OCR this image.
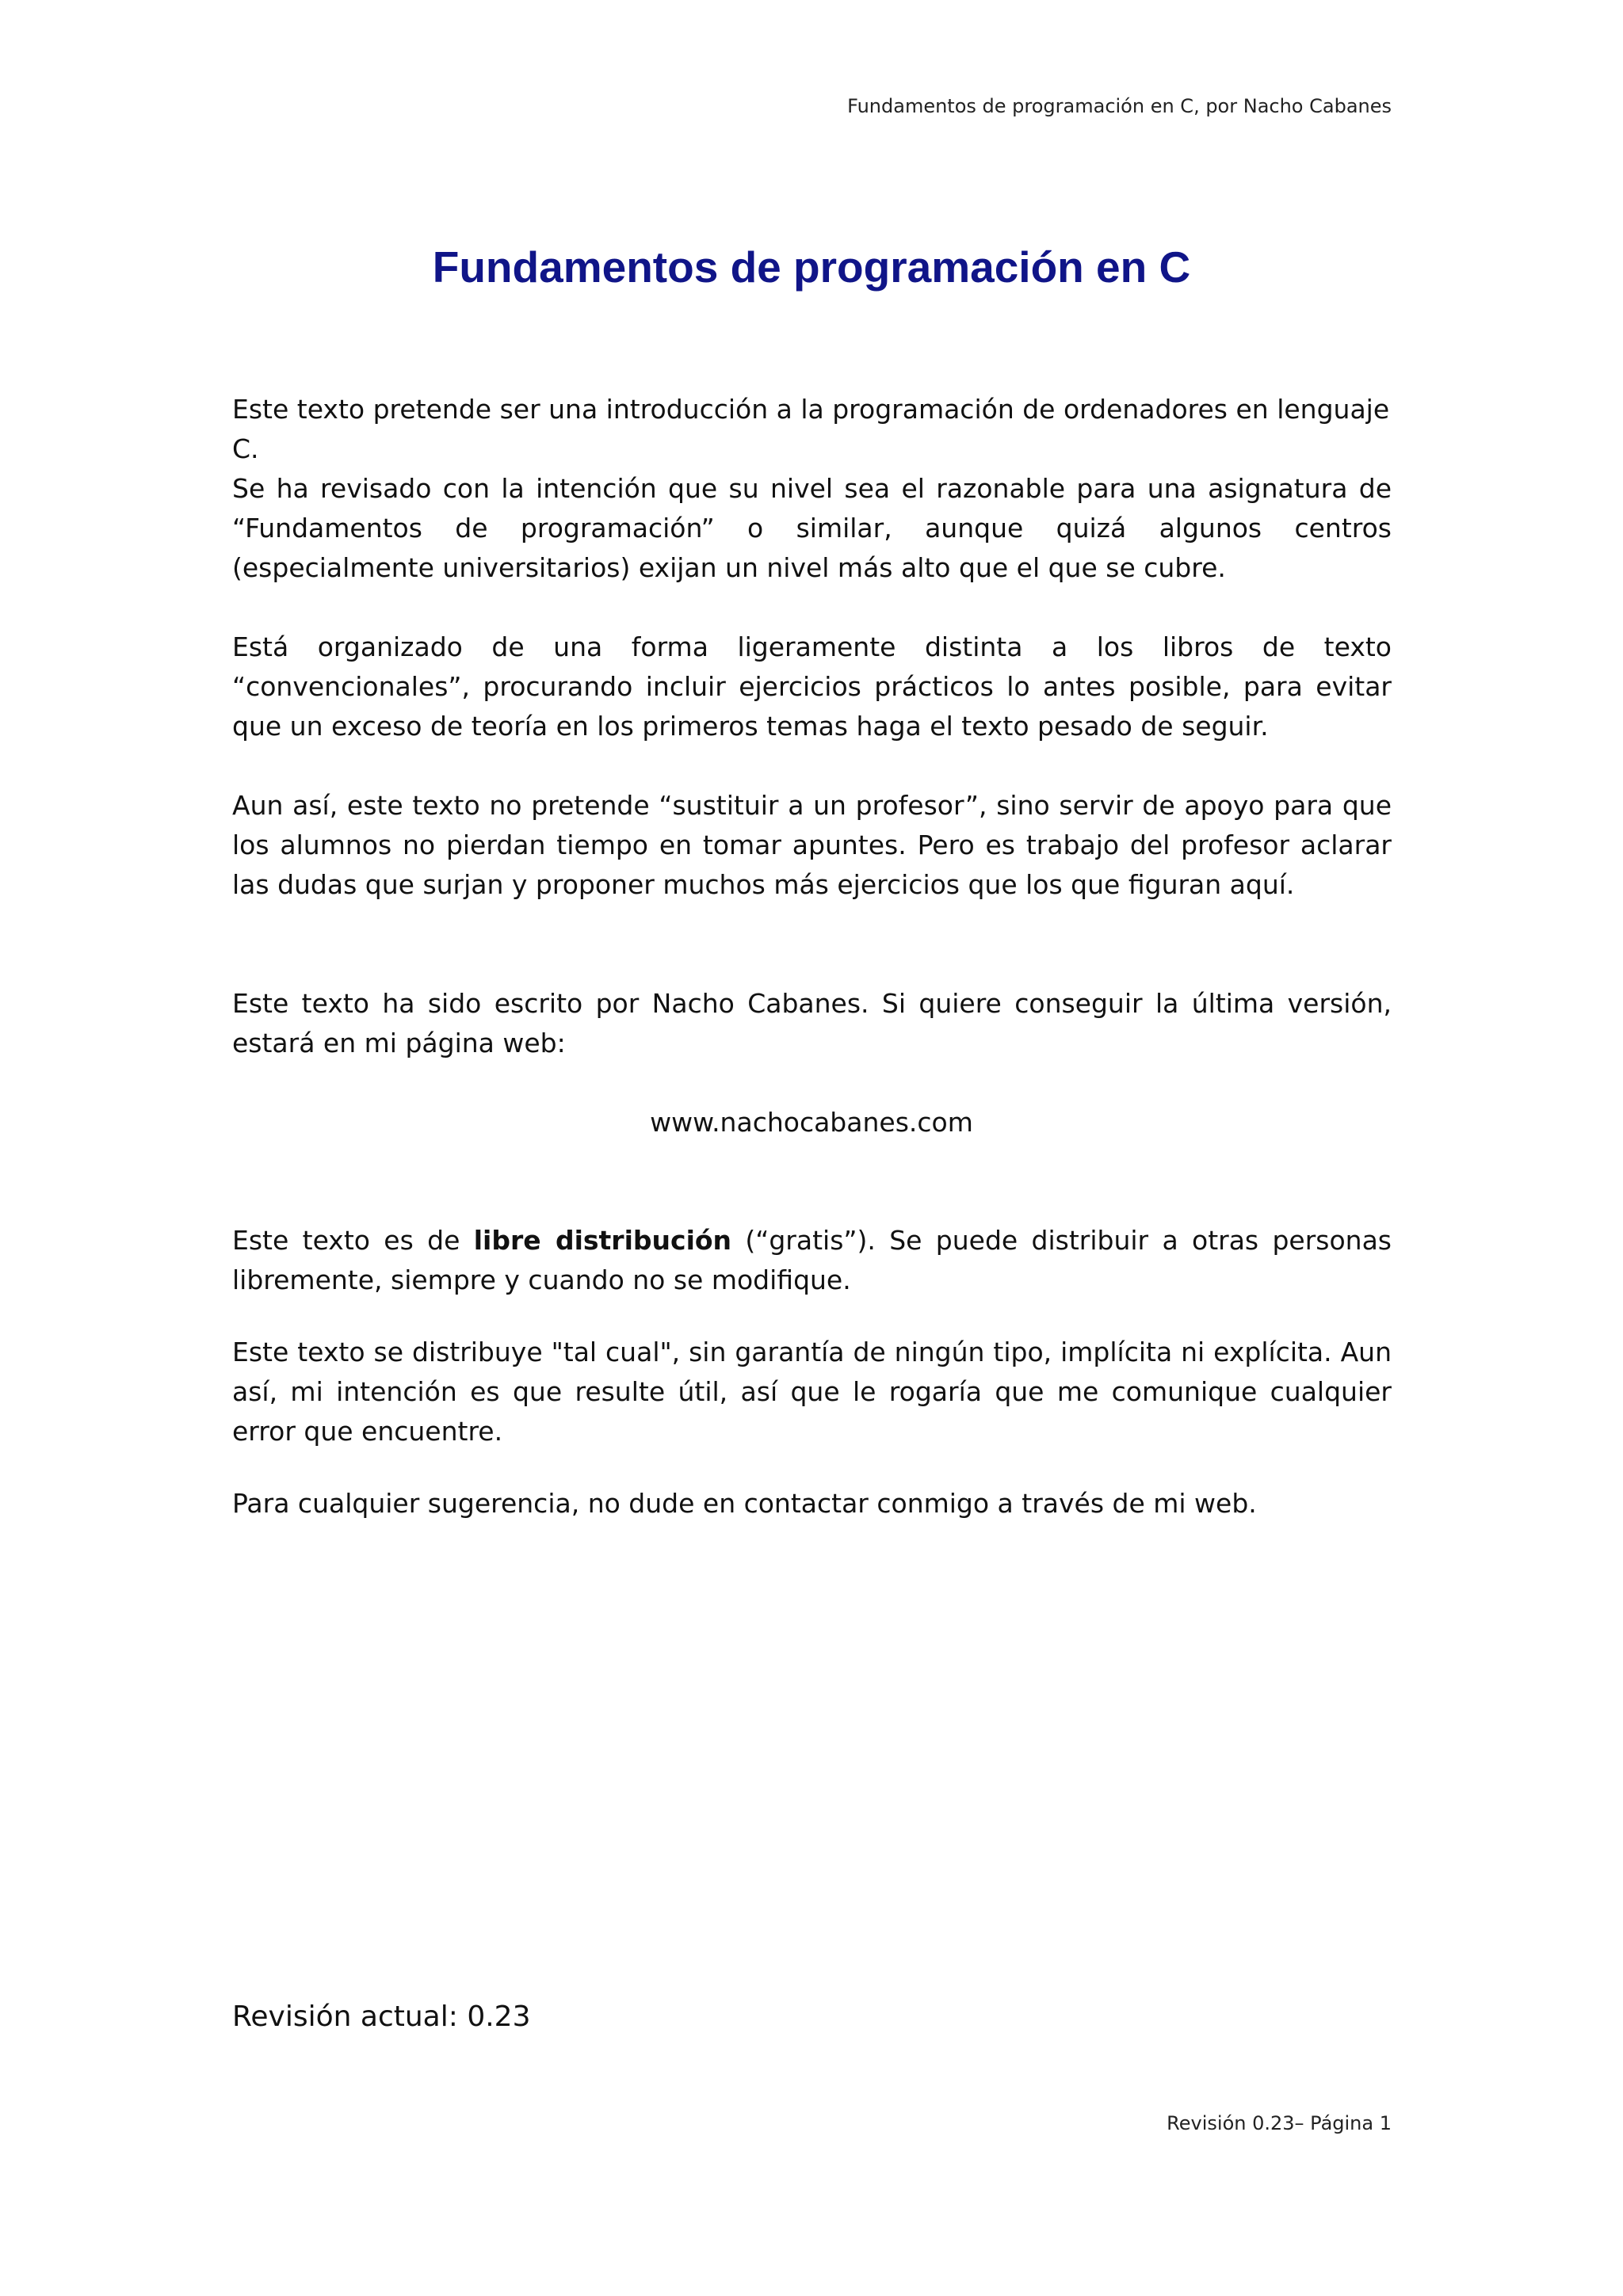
Fundamentos de programación en C, por Nacho Cabanes
Fundamentos de programación en C

Este texto pretende ser una introducción a la programación de ordenadores en lenguaje C.

Se ha revisado con la intención que su nivel sea el razonable para una asignatura de “Fundamentos de programación” o similar, aunque quizá algunos centros (especialmente universitarios) exijan un nivel más alto que el que se cubre.

Está organizado de una forma ligeramente distinta a los libros de texto “convencionales”, procurando incluir ejercicios prácticos lo antes posible, para evitar que un exceso de teoría en los primeros temas haga el texto pesado de seguir.

Aun así, este texto no pretende “sustituir a un profesor”, sino servir de apoyo para que los alumnos no pierdan tiempo en tomar apuntes. Pero es trabajo del profesor aclarar las dudas que surjan y proponer muchos más ejercicios que los que figuran aquí.

Este texto ha sido escrito por Nacho Cabanes. Si quiere conseguir la última versión, estará en mi página web:

www.nachocabanes.com

Este texto es de libre distribución (“gratis”). Se puede distribuir a otras personas libremente, siempre y cuando no se modifique.

Este texto se distribuye "tal cual", sin garantía de ningún tipo, implícita ni explícita. Aun así, mi intención es que resulte útil, así que le rogaría que me comunique cualquier error que encuentre.

Para cualquier sugerencia, no dude en contactar conmigo a través de mi web.

Revisión actual: 0.23

Revisión 0.23– Página 1
